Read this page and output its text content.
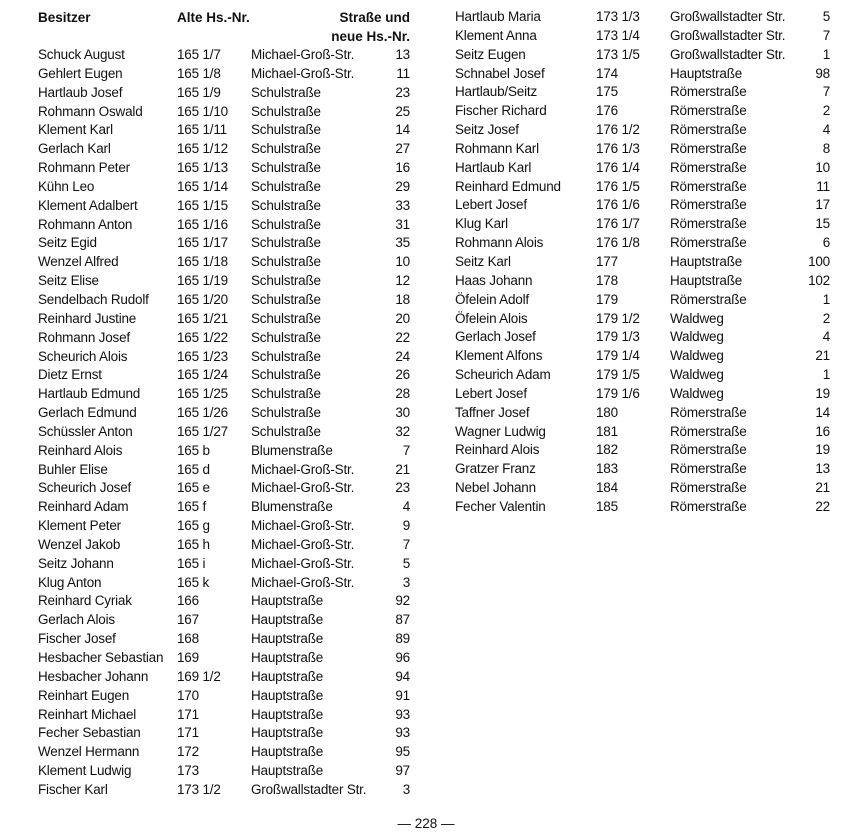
Besitzer	Alte Hs.-Nr.	Straße und
neue Hs.-Nr.
Schuck August	165 1/7 Michael-Groß-Str.	13
Gehlert Eugen	165 1/8 Michael-Groß-Str.	11
Hartlaub Josef	165 1/9 Schulstraße	23
Rohmann Oswald	165 1/10 Schulstraße	25
Klement Karl	165 1/11 Schulstraße	14
Gerlach Karl	165 1/12 Schulstraße	27
Rohmann Peter	165 1/13 Schulstraße	16
Kühn Leo	165 1/14 Schulstraße	29
Klement Adalbert	165 1/15 Schulstraße	33
Rohmann Anton	165 1/16 Schulstraße	31
Seitz Egid	165 1/17 Schulstraße	35
Wenzel Alfred	165 1/18 Schulstraße	10
Seitz Elise	165 1/19 Schulstraße	12
Sendelbach Rudolf 165 1/20 Schulstraße	18
Reinhard Justine	165 1/21 Schulstraße	20
Rohmann Josef	165 1/22 Schulstraße	22
Scheurich Alois	165 1/23 Schulstraße	24
Dietz Ernst	165 1/24 Schulstraße	26
Hartlaub Edmund	165 1/25 Schulstraße	28
Gerlach Edmund	165 1/26 Schulstraße	30
Schüssler Anton	165 1/27 Schulstraße	32
Reinhard Alois	165 b	Blumenstraße	7
Buhler Elise	165 d	Michael-Groß-Str.	21
Scheurich Josef	165 e	Michael-Groß-Str.	23
Reinhard Adam	165 f	Blumenstraße	4
Klement Peter	165 g	Michael-Groß-Str.	9
Wenzel Jakob	165 h	Michael-Groß-Str.	7
Seitz Johann	165 i	Michael-Groß-Str.	5
Klug Anton	165 k	Michael-Groß-Str.	3
Reinhard Cyriak	166	Hauptstraße	92
Gerlach Alois	167	Hauptstraße	87
Fischer Josef	168	Hauptstraße	89
Hesbacher Sebastian 169	Hauptstraße	96
Hesbacher Johann 169 1/2 Hauptstraße	94
Reinhart Eugen	170	Hauptstraße	91
Reinhart Michael	171	Hauptstraße	93
Fecher Sebastian	171	Hauptstraße	93
Wenzel Hermann	172	Hauptstraße	95
Klement Ludwig	173	Hauptstraße	97
Fischer Karl	173 1/2 Großwallstadter Str.	3
Hartlaub Maria	173 1/3 Großwallstadter Str.	5
Klement Anna	173 1/4 Großwallstadter Str.	7
Seitz Eugen	173 1/5 Großwallstadter Str.	1
Schnabel Josef	174	Hauptstraße	98
Hartlaub/Seitz	175	Römerstraße	7
Fischer Richard	176	Römerstraße	2
Seitz Josef	176 1/2 Römerstraße	4
Rohmann Karl	176 1/3 Römerstraße	8
Hartlaub Karl	176 1/4 Römerstraße	10
Reinhard Edmund	176 1/5 Römerstraße	11
Lebert Josef	176 1/6 Römerstraße	17
Klug Karl	176 1/7 Römerstraße	15
Rohmann Alois	176 1/8 Römerstraße	6
Seitz Karl	177	Hauptstraße	100
Haas Johann	178	Hauptstraße	102
Öfelein Adolf	179	Römerstraße	1
Öfelein Alois	179 1/2 Waldweg	2
Gerlach Josef	179 1/3 Waldweg	4
Klement Alfons	179 1/4 Waldweg	21
Scheurich Adam	179 1/5 Waldweg	1
Lebert Josef	179 1/6 Waldweg	19
Taffner Josef	180	Römerstraße	14
Wagner Ludwig	181	Römerstraße	16
Reinhard Alois	182	Römerstraße	19
Gratzer Franz	183	Römerstraße	13
Nebel Johann	184	Römerstraße	21
Fecher Valentin	185	Römerstraße	22
— 228 —
